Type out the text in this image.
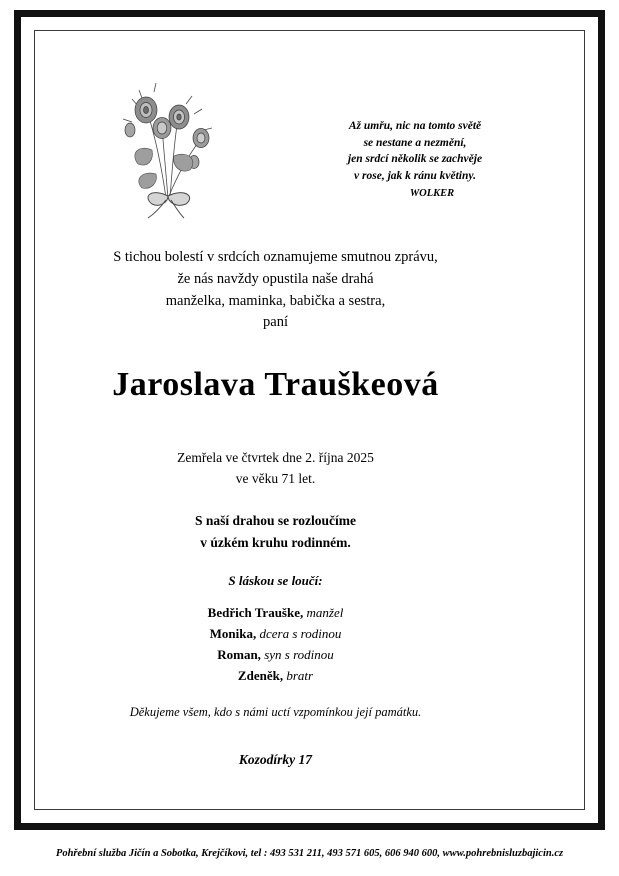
Až umřu, nic na tomto světě
se nestane a nezmění,
jen srdcí několik se zachvěje
v rose, jak k ránu květiny.
WOLKER
S tichou bolestí v srdcích oznamujeme smutnou zprávu,
že nás navždy opustila naše drahá
manželka, maminka, babička a sestra,
paní
Jaroslava Trauškeová
Zemřela ve čtvrtek dne 2. října 2025
ve věku 71 let.
S naší drahou se rozloučíme
v úzkém kruhu rodinném.
S láskou se loučí:
Bedřich Trauške, manžel
Monika, dcera s rodinou
Roman, syn s rodinou
Zdeněk, bratr
Děkujeme všem, kdo s námi uctí vzpomínkou její památku.
Kozodírky 17
Pohřební služba Jičín a Sobotka, Krejčíkovi, tel : 493 531 211, 493 571 605, 606 940 600, www.pohrebnisluzbajicin.cz
